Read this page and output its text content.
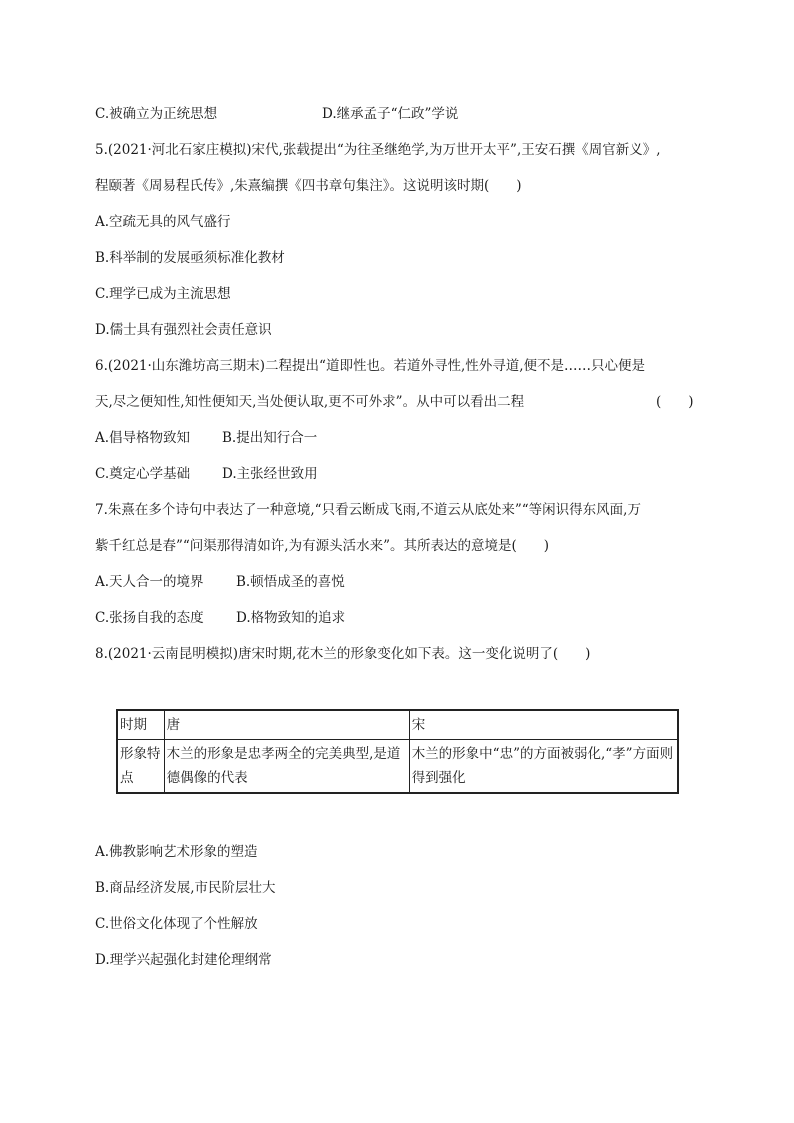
C.被确立为正统思想	D.继承孟子“仁政”学说
5.(2021·河北石家庄模拟)宋代,张载提出“为往圣继绝学,为万世开太平”,王安石撰《周官新义》,
程颐著《周易程氏传》,朱熹编撰《四书章句集注》。这说明该时期(　　)
A.空疏无具的风气盛行
B.科举制的发展亟须标准化教材
C.理学已成为主流思想
D.儒士具有强烈社会责任意识
6.(2021·山东潍坊高三期末)二程提出“道即性也。若道外寻性,性外寻道,便不是……只心便是
天,尽之便知性,知性便知天,当处便认取,更不可外求”。从中可以看出二程	(　　)
A.倡导格物致知 B.提出知行合一
C.奠定心学基础 D.主张经世致用
7.朱熹在多个诗句中表达了一种意境,“只看云断成飞雨,不道云从底处来”“等闲识得东风面,万
紫千红总是春”“问渠那得清如许,为有源头活水来”。其所表达的意境是(　　)
A.天人合一的境界 B.顿悟成圣的喜悦
C.张扬自我的态度 D.格物致知的追求
8.(2021·云南昆明模拟)唐宋时期,花木兰的形象变化如下表。这一变化说明了(　　)
时期	唐	宋
形象特点	木兰的形象是忠孝两全的完美典型,是道德偶像的代表	木兰的形象中“忠”的方面被弱化,“孝”方面则得到强化
A.佛教影响艺术形象的塑造
B.商品经济发展,市民阶层壮大
C.世俗文化体现了个性解放
D.理学兴起强化封建伦理纲常
